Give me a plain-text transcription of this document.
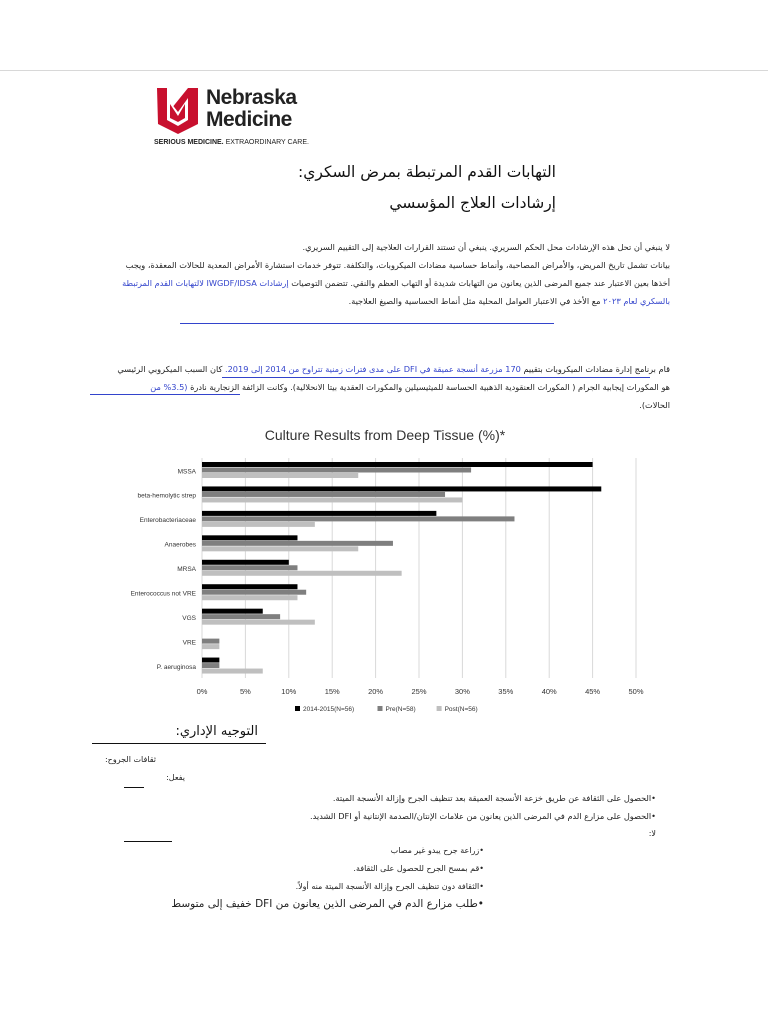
Nebraska
Medicine
SERIOUS MEDICINE. EXTRAORDINARY CARE.
التهابات القدم المرتبطة بمرض السكري:
إرشادات العلاج المؤسسي
لا ينبغي أن تحل هذه الإرشادات محل الحكم السريري. ينبغي أن تستند القرارات العلاجية إلى التقييم السريري.
بيانات تشمل تاريخ المريض، والأمراض المصاحبة، وأنماط حساسية مضادات الميكروبات، والتكلفة. تتوفر خدمات استشارة الأمراض المعدية للحالات المعقدة، ويجب
أخذها بعين الاعتبار عند جميع المرضى الذين يعانون من التهابات شديدة أو التهاب العظم والنقي. تتضمن التوصيات إرشادات IWGDF/IDSA لالتهابات القدم المرتبطة
بالسكري لعام ٢٠٢٣ مع الأخذ في الاعتبار العوامل المحلية مثل أنماط الحساسية والصيغ العلاجية.
قام برنامج إدارة مضادات الميكروبات بتقييم 170 مزرعة أنسجة عميقة في DFI على مدى فترات زمنية تتراوح من 2014 إلى 2019. كان السبب الميكروبي الرئيسي
هو المكورات إيجابية الجرام ( المكورات العنقودية الذهبية الحساسة للميثيسيلين والمكورات العقدية بيتا الانحلالية). وكانت الزائفة الزنجارية نادرة (3.5% من
الحالات).
Culture Results from Deep Tissue (%)*
0%	5%	10%	15%	20%	25%	30%	35%	40%	45%	50%
MSSA
beta-hemolytic strep
Enterobacteriaceae
Anaerobes
MRSA
Enterococcus not VRE
VGS
VRE
P. aeruginosa
2014-2015(N=56)	Pre(N=58)	Post(N=56)
التوجيه الإداري:
ثقافات الجروح:
يفعل:
•الحصول على الثقافة عن طريق خزعة الأنسجة العميقة بعد تنظيف الجرح وإزالة الأنسجة الميتة.
•الحصول على مزارع الدم في المرضى الذين يعانون من علامات الإنتان/الصدمة الإنتانية أو DFI الشديد.
لا:
•زراعة جرح يبدو غير مصاب
•قم بمسح الجرح للحصول على الثقافة.
•الثقافة دون تنظيف الجرح وإزالة الأنسجة الميتة منه أولاً.
•طلب مزارع الدم في المرضى الذين يعانون من DFI خفيف إلى متوسط
